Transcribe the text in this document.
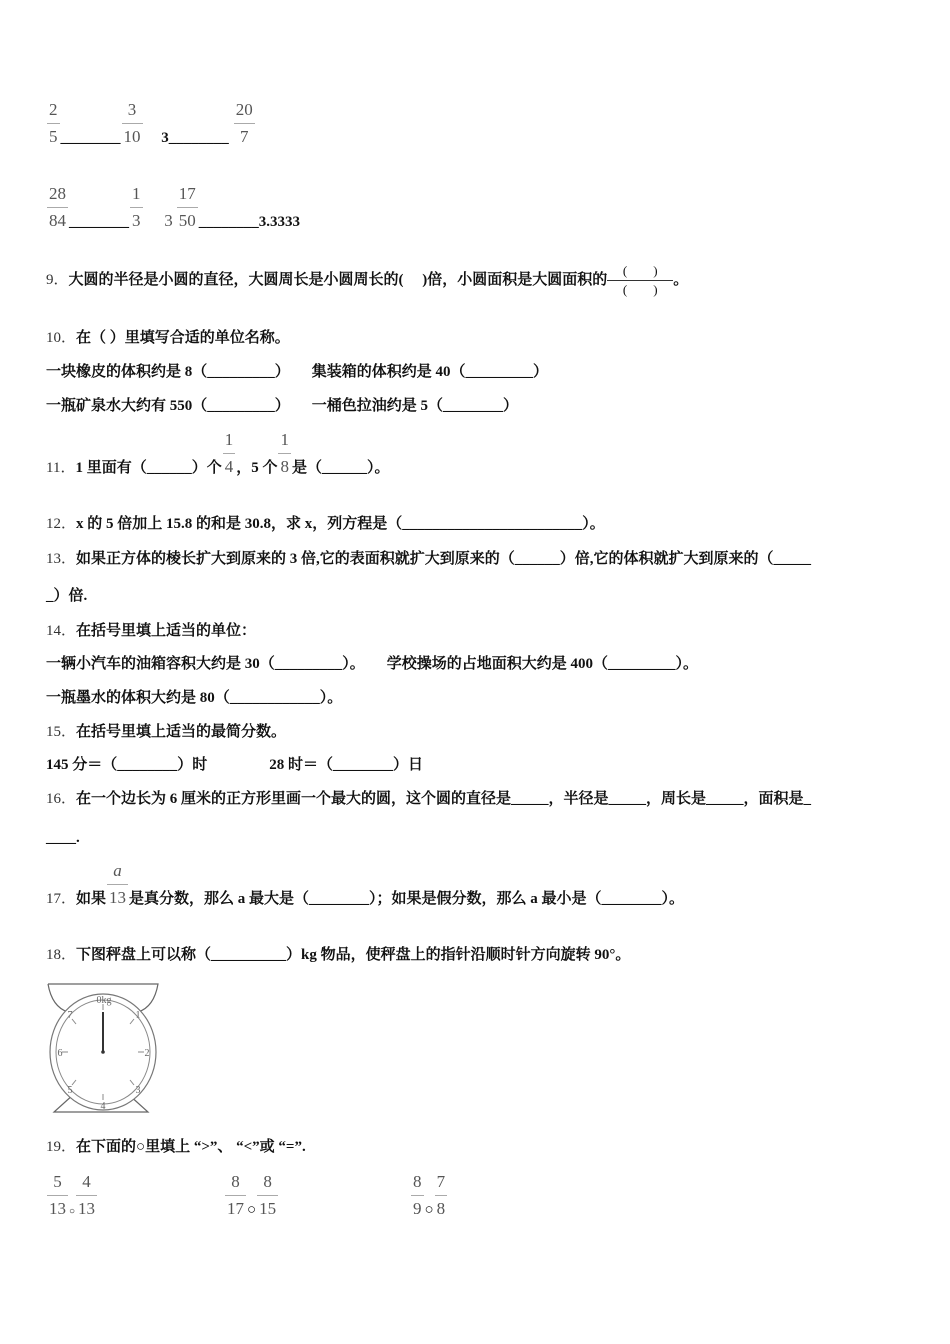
$\frac{2}{5}$ ________ $\frac{3}{10}$ 3________ $\frac{20}{7}$
$\frac{28}{84}$ ________ $\frac{1}{3}$
$3 \frac{17}{50}$ ________3.3333
9．大圆的半径是小圆的直径，大圆周长是小圆周长的(　 )倍，小圆面积是大圆面积的$\frac{( )}{( )}$。
10．在（ ）里填写合适的单位名称。
一块橡皮的体积约是 8（_________） 集装箱的体积约是 40（_________）
一瓶矿泉水大约有 550（_________） 一桶色拉油约是 5（________）
11．1 里面有（______）个 $\frac{1}{4}$ ，5 个 $\frac{1}{8}$ 是（______）。
12．x 的 5 倍加上 15.8 的和是 30.8，求 x，列方程是（________________________）。
13．如果正方体的棱长扩大到原来的 3 倍,它的表面积就扩大到原来的（______）倍,它的体积就扩大到原来的（_____
_）倍.
14．在括号里填上适当的单位：
一辆小汽车的油箱容积大约是 30（_________）。 学校操场的占地面积大约是 400（_________）。
一瓶墨水的体积大约是 80（____________）。
15．在括号里填上适当的最简分数。
145 分＝（________）时	28 时＝（________）日
16．在一个边长为 6 厘米的正方形里画一个最大的圆，这个圆的直径是_____，半径是_____，周长是_____，面积是_
____.
17．如果 $\frac{a}{13}$ 是真分数，那么 a 最大是（________）；如果是假分数，那么 a 最小是（________）。
18．下图秤盘上可以称（__________）kg 物品，使秤盘上的指针沿顺时针方向旋转 90°。
0kg
1
2
3
4
5
6
7
19．在下面的○里填上 “>”、 “<”或 “=”.
$\frac{5}{13}$ ○ $\frac{4}{13}$	$\frac{8}{17}$ ○ $\frac{8}{15}$	$\frac{8}{9}$ ○ $\frac{7}{8}$
